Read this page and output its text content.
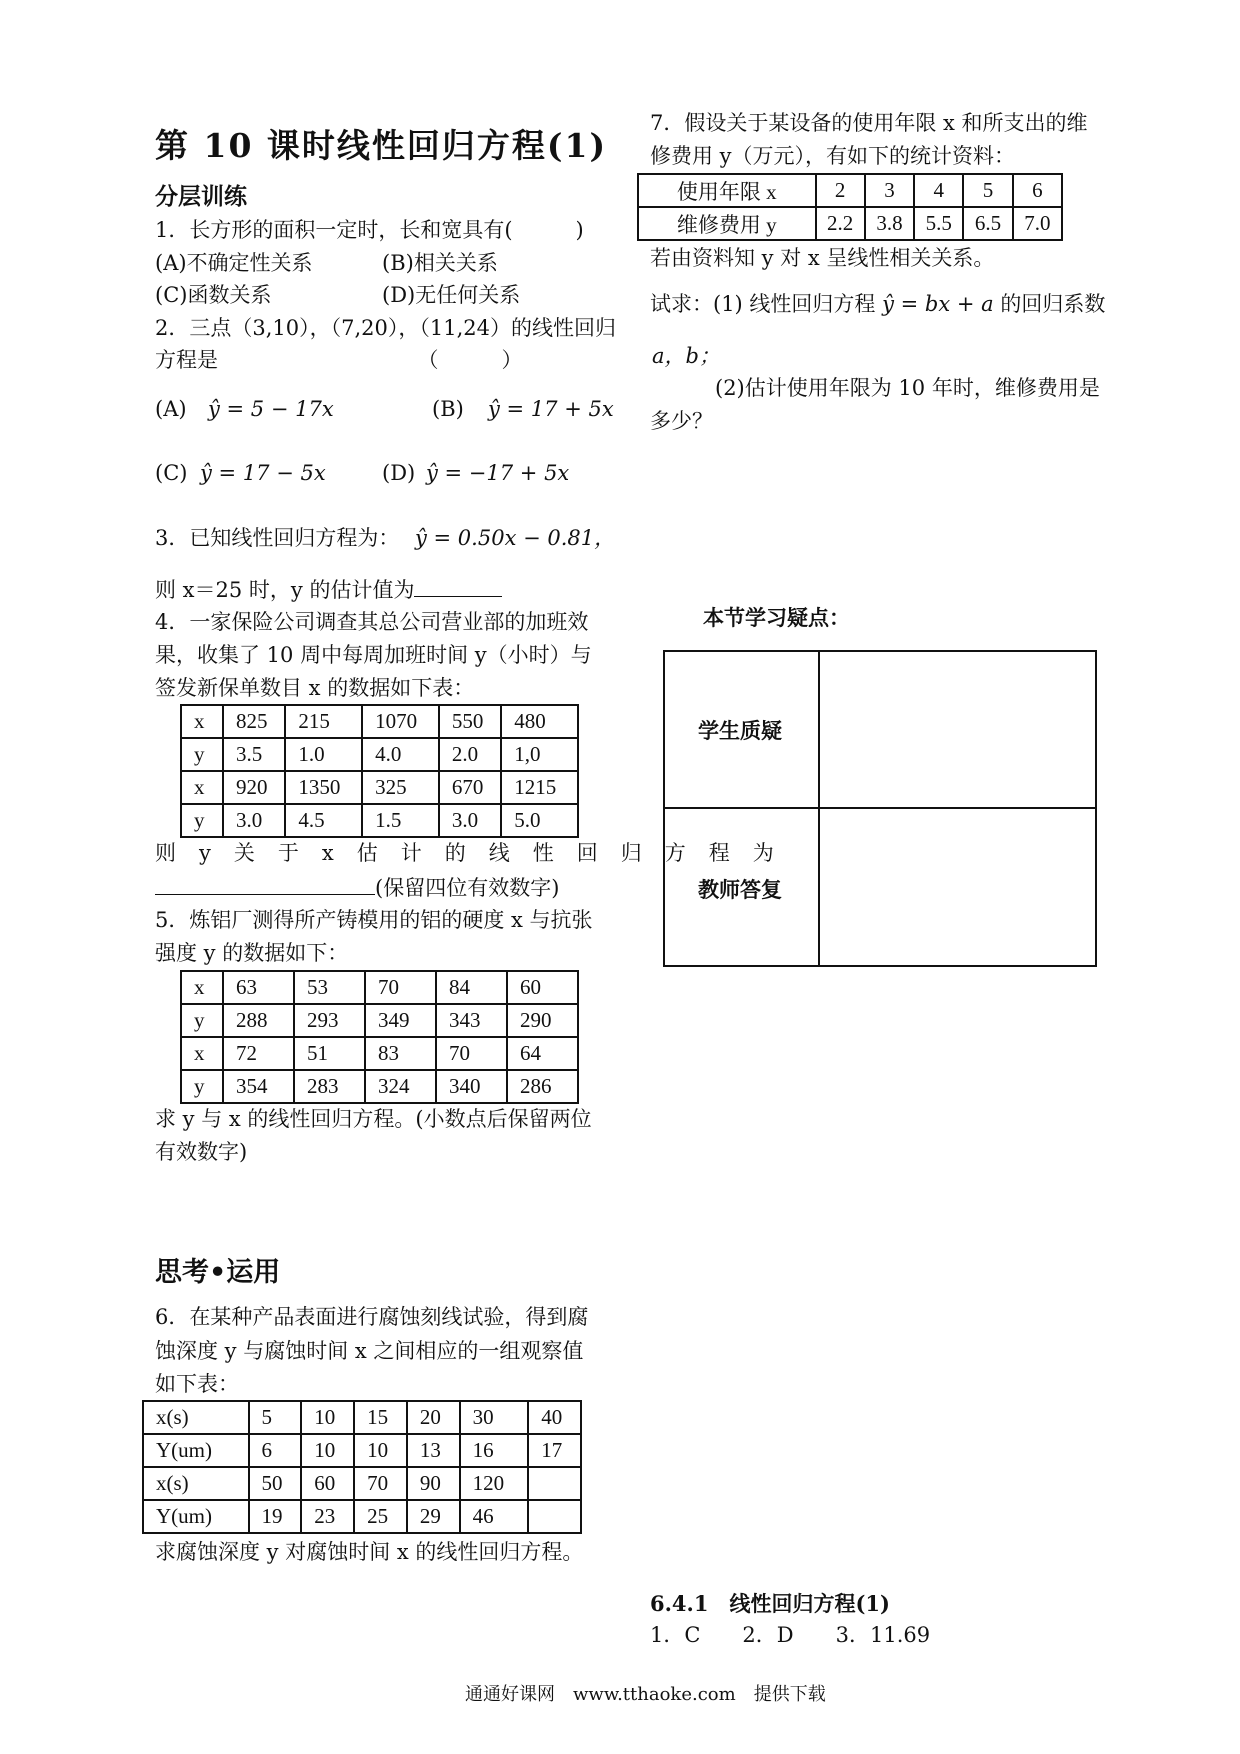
第 10 课时线性回归方程(1)
分层训练
1．长方形的面积一定时，长和宽具有(　　　)
(A)不确定性关系	(B)相关关系
(C)函数关系	(D)无任何关系
2．三点（3,10），（7,20），（11,24）的线性回归
方程是　　　　　　　　　　（　　　）
(A) ŷ = 5 − 17x	(B) ŷ = 17 + 5x
(C) ŷ = 17 − 5x	(D) ŷ = −17 + 5x
3．已知线性回归方程为： ŷ = 0.50x − 0.81，
则 x＝25 时，y 的估计值为
4．一家保险公司调查其总公司营业部的加班效
果，收集了 10 周中每周加班时间 y（小时）与
签发新保单数目 x 的数据如下表：
x	825	215	1070	550	480
y	3.5	1.0	4.0	2.0	1,0
x	920	1350	325	670	1215
y	3.0	4.5	1.5	3.0	5.0
则　y　关　于　x　估　计　的　线　性　回　归　方　程　为
(保留四位有效数字)
5．炼铝厂测得所产铸模用的铝的硬度 x 与抗张
强度 y 的数据如下：
x	63	53	70	84	60
y	288	293	349	343	290
x	72	51	83	70	64
y	354	283	324	340	286
求 y 与 x 的线性回归方程。(小数点后保留两位
有效数字)
思考•运用
6．在某种产品表面进行腐蚀刻线试验，得到腐
蚀深度 y 与腐蚀时间 x 之间相应的一组观察值
如下表：
x(s)	5	10	15	20	30	40
Y(um)	6	10	10	13	16	17
x(s)	50	60	70	90	120	
Y(um)	19	23	25	29	46	
求腐蚀深度 y 对腐蚀时间 x 的线性回归方程。
7．假设关于某设备的使用年限 x 和所支出的维
修费用 y（万元），有如下的统计资料：
使用年限 x	2	3	4	5	6
维修费用 y	2.2	3.8	5.5	6.5	7.0
若由资料知 y 对 x 呈线性相关关系。
试求：(1) 线性回归方程 ŷ = bx + a 的回归系数
a，b；
(2)估计使用年限为 10 年时，维修费用是
多少？
本节学习疑点：
学生质疑
教师答复
6.4.1　线性回归方程(1)
1．C　　2．D　　3．11.69
通通好课网　www.tthaoke.com　提供下载
